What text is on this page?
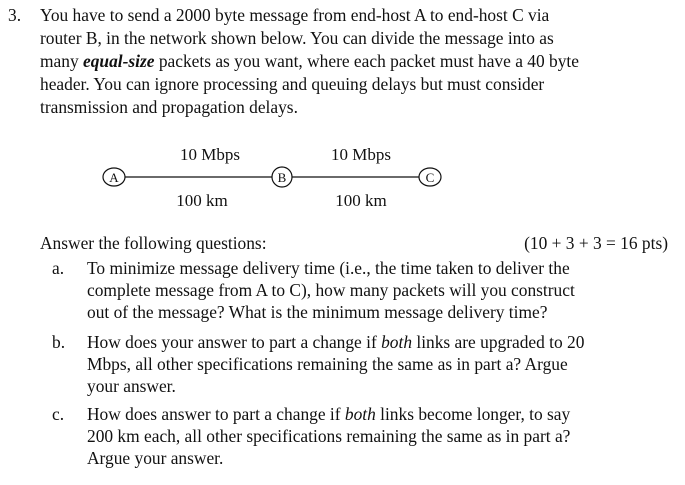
3. You have to send a 2000 byte message from end-host A to end-host C via
router B, in the network shown below. You can divide the message into as
many equal-size packets as you want, where each packet must have a 40 byte
header. You can ignore processing and queuing delays but must consider
transmission and propagation delays.
A	B	C
10 Mbps	10 Mbps
100 km	100 km
Answer the following questions:	(10 + 3 + 3 = 16 pts)
a. To minimize message delivery time (i.e., the time taken to deliver the
complete message from A to C), how many packets will you construct
out of the message? What is the minimum message delivery time?
b. How does your answer to part a change if both links are upgraded to 20
Mbps, all other specifications remaining the same as in part a? Argue
your answer.
c. How does answer to part a change if both links become longer, to say
200 km each, all other specifications remaining the same as in part a?
Argue your answer.
